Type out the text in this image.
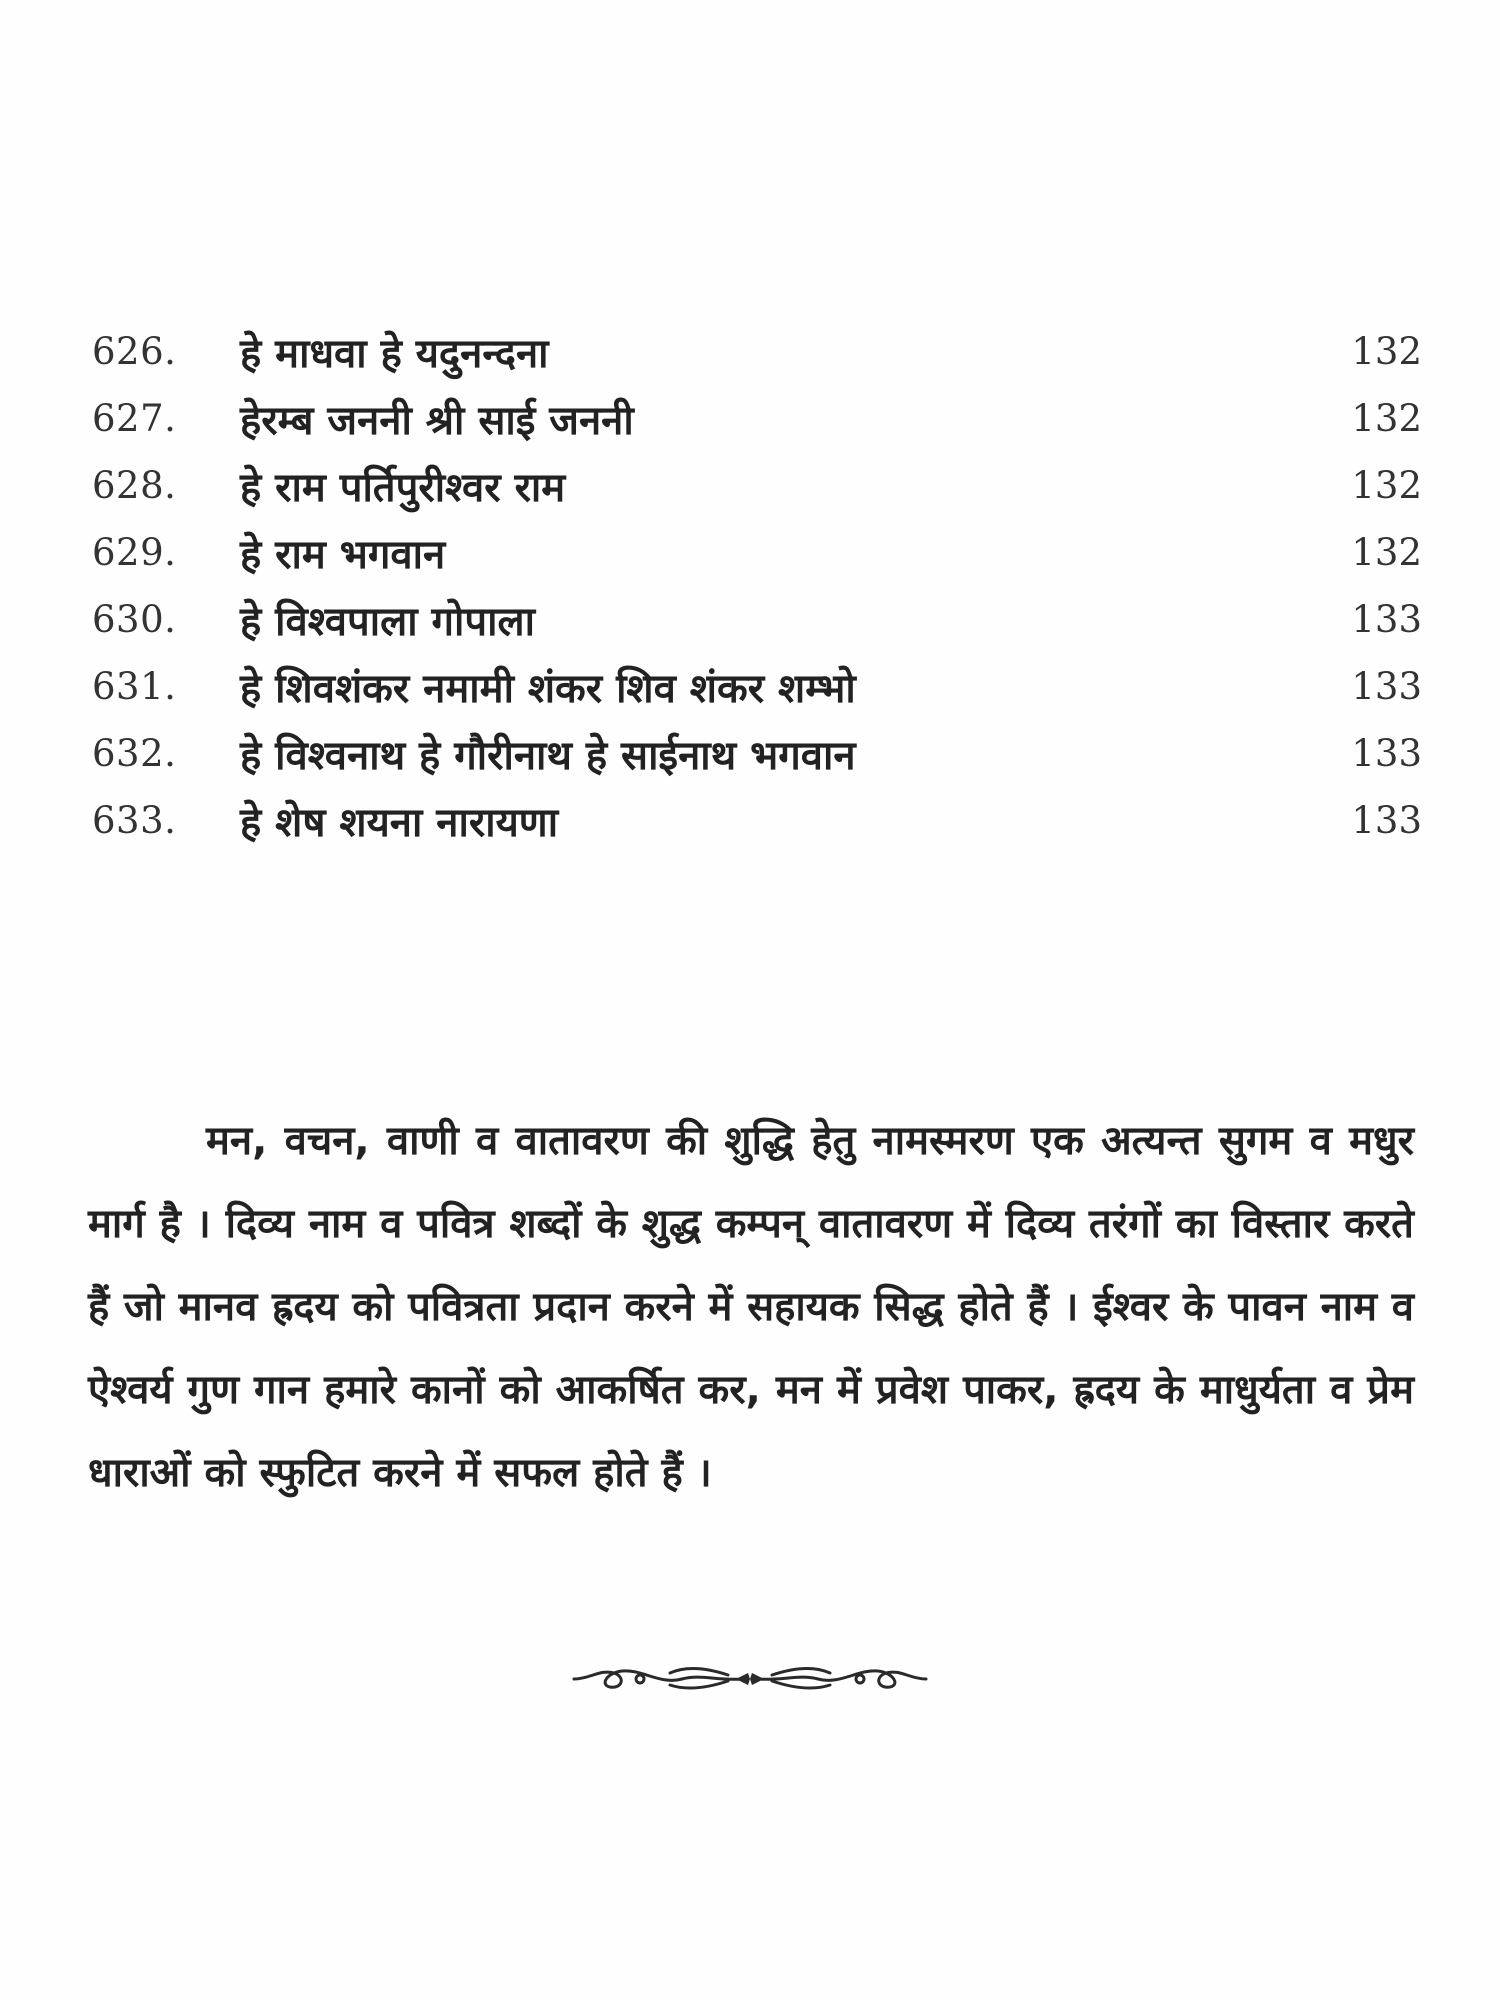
626.	हे माधवा हे यदुनन्दना	132
627.	हेरम्ब जननी श्री साई जननी	132
628.	हे राम पर्तिपुरीश्वर राम	132
629.	हे राम भगवान	132
630.	हे विश्वपाला गोपाला	133
631.	हे शिवशंकर नमामी शंकर शिव शंकर शम्भो	133
632.	हे विश्वनाथ हे गौरीनाथ हे साईनाथ भगवान	133
633.	हे शेष शयना नारायणा	133

मन, वचन, वाणी व वातावरण की शुद्धि हेतु नामस्मरण एक अत्यन्त सुगम व मधुर मार्ग है । दिव्य नाम व पवित्र शब्दों के शुद्ध कम्पन् वातावरण में दिव्य तरंगों का विस्तार करते हैं जो मानव ह्रदय को पवित्रता प्रदान करने में सहायक सिद्ध होते हैं । ईश्वर के पावन नाम व ऐश्वर्य गुण गान हमारे कानों को आकर्षित कर, मन में प्रवेश पाकर, ह्रदय के माधुर्यता व प्रेम धाराओं को स्फुटित करने में सफल होते हैं ।
